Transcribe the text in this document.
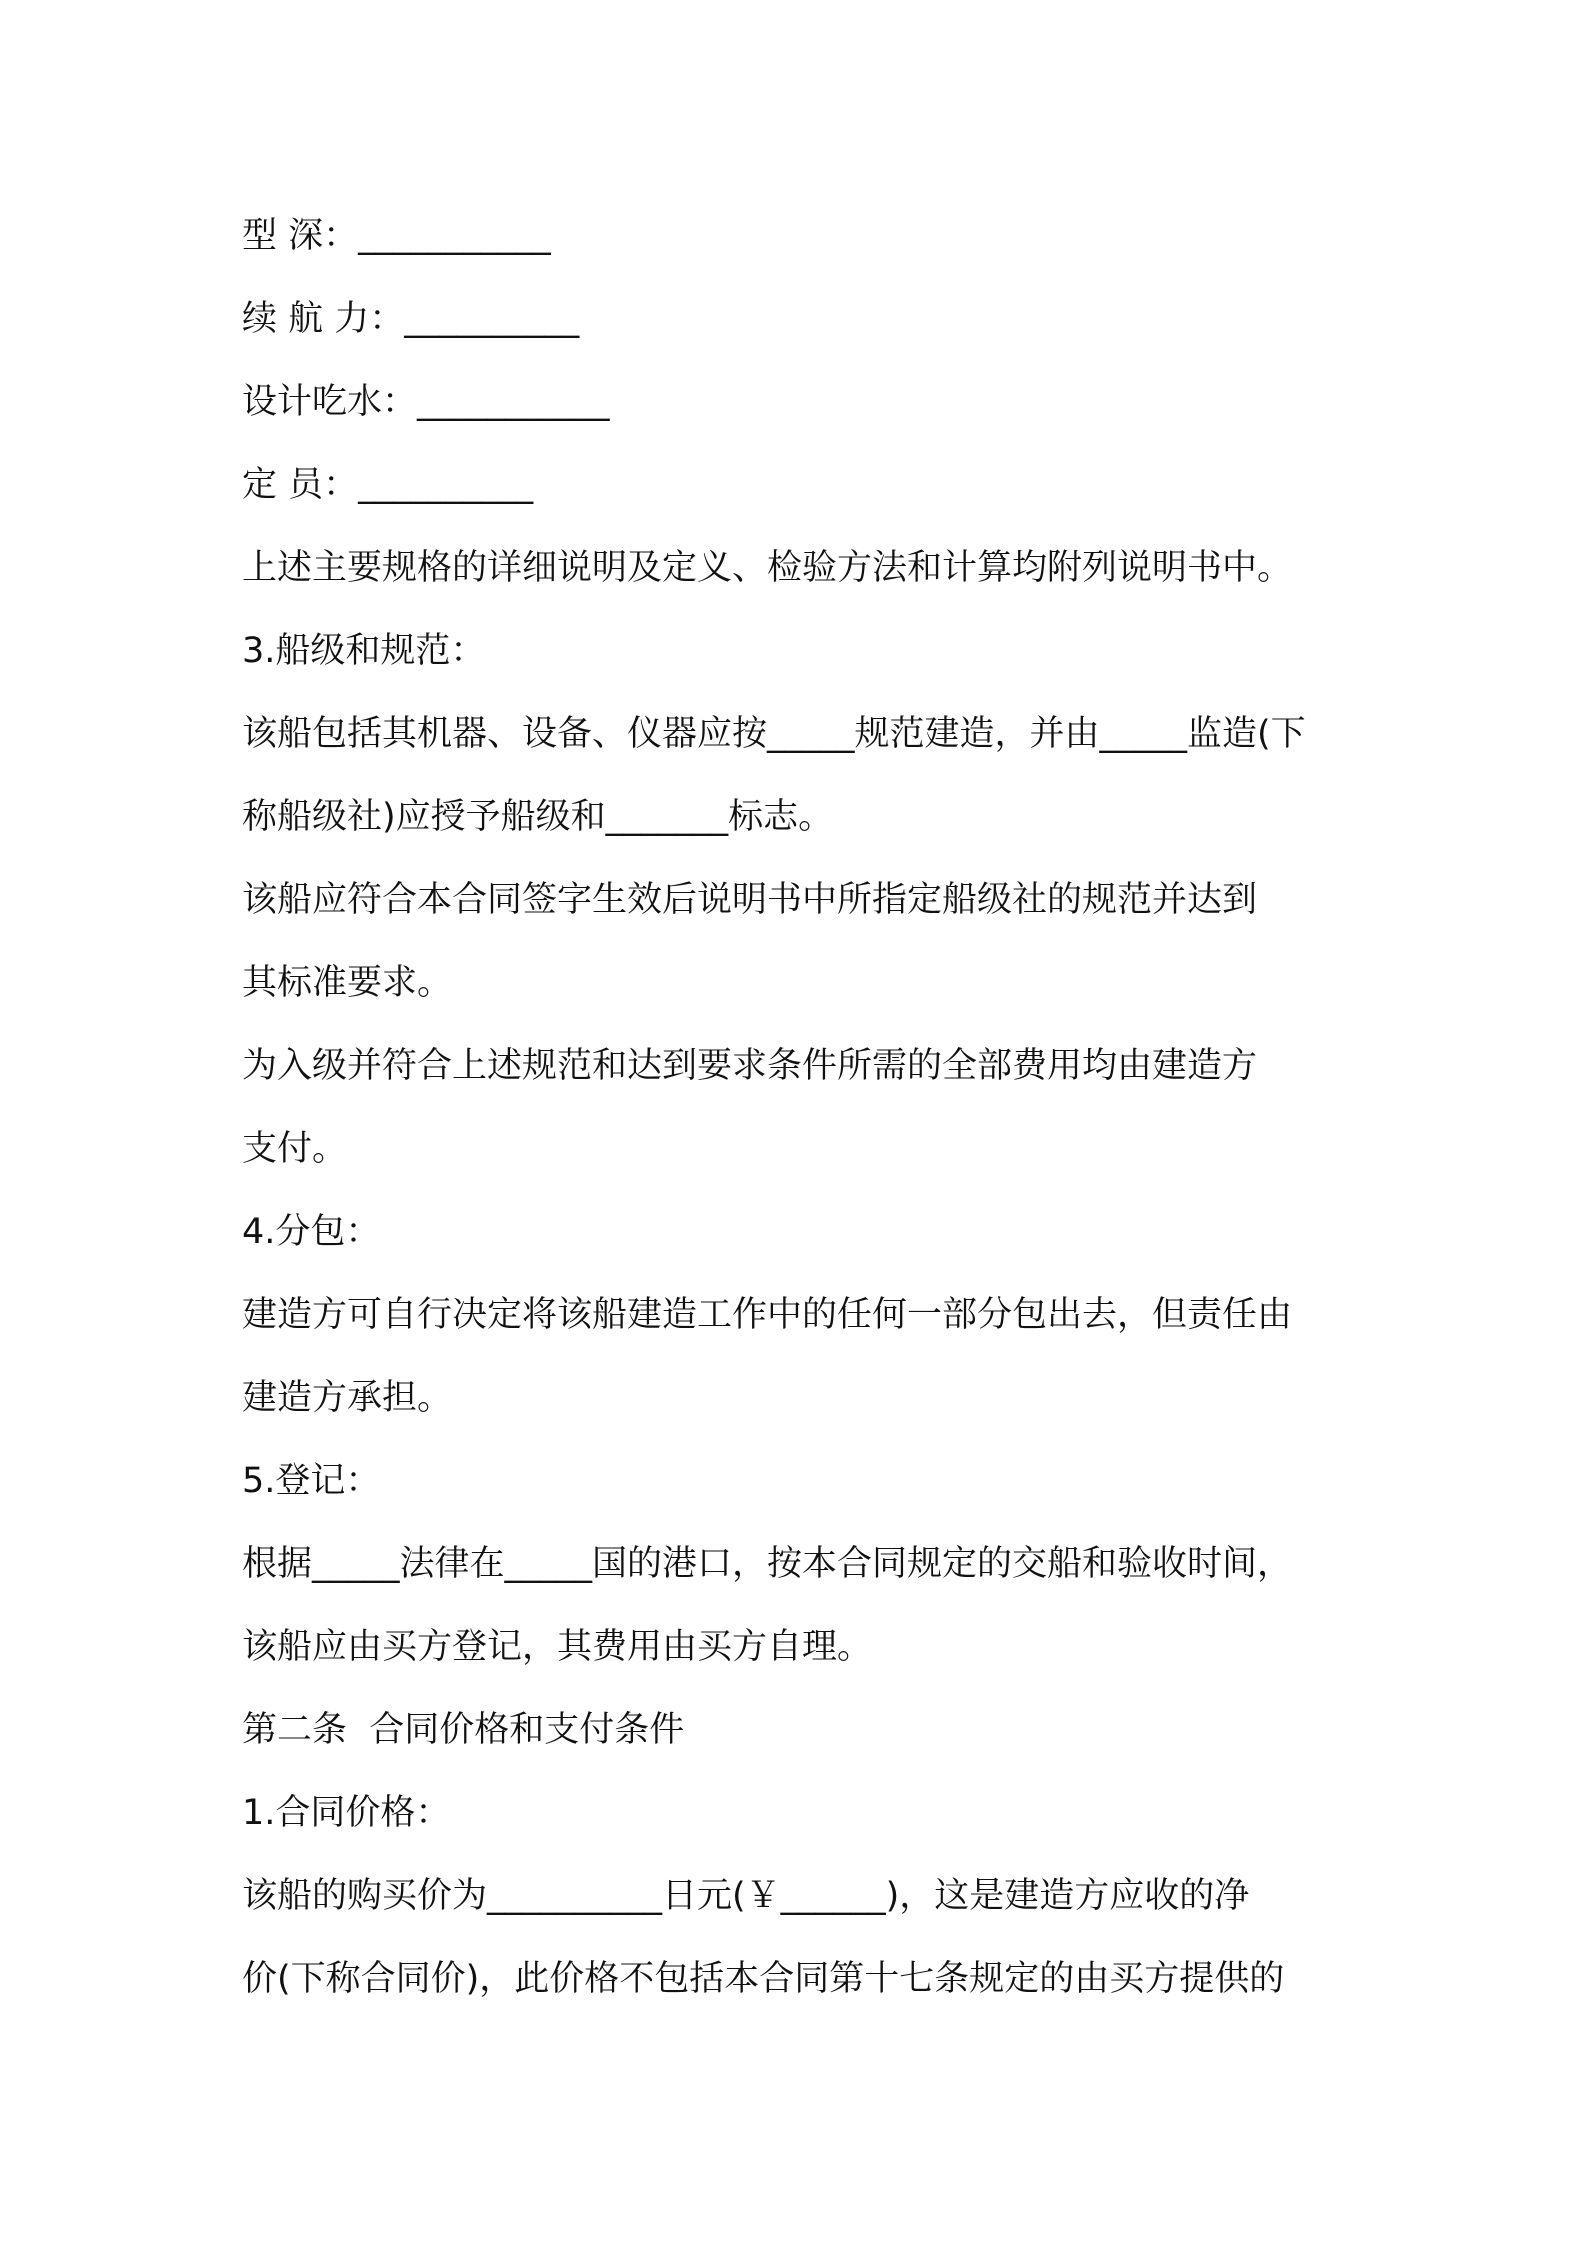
型 深：___________
续 航 力：__________
设计吃水：___________
定 员：__________
上述主要规格的详细说明及定义、检验方法和计算均附列说明书中。
3.船级和规范：
该船包括其机器、设备、仪器应按_____规范建造，并由_____监造(下
称船级社)应授予船级和_______标志。
该船应符合本合同签字生效后说明书中所指定船级社的规范并达到
其标准要求。
为入级并符合上述规范和达到要求条件所需的全部费用均由建造方
支付。
4.分包：
建造方可自行决定将该船建造工作中的任何一部分包出去，但责任由
建造方承担。
5.登记：
根据_____法律在_____国的港口，按本合同规定的交船和验收时间，
该船应由买方登记，其费用由买方自理。
第二条  合同价格和支付条件
1.合同价格：
该船的购买价为__________日元(￥______)，这是建造方应收的净
价(下称合同价)，此价格不包括本合同第十七条规定的由买方提供的
